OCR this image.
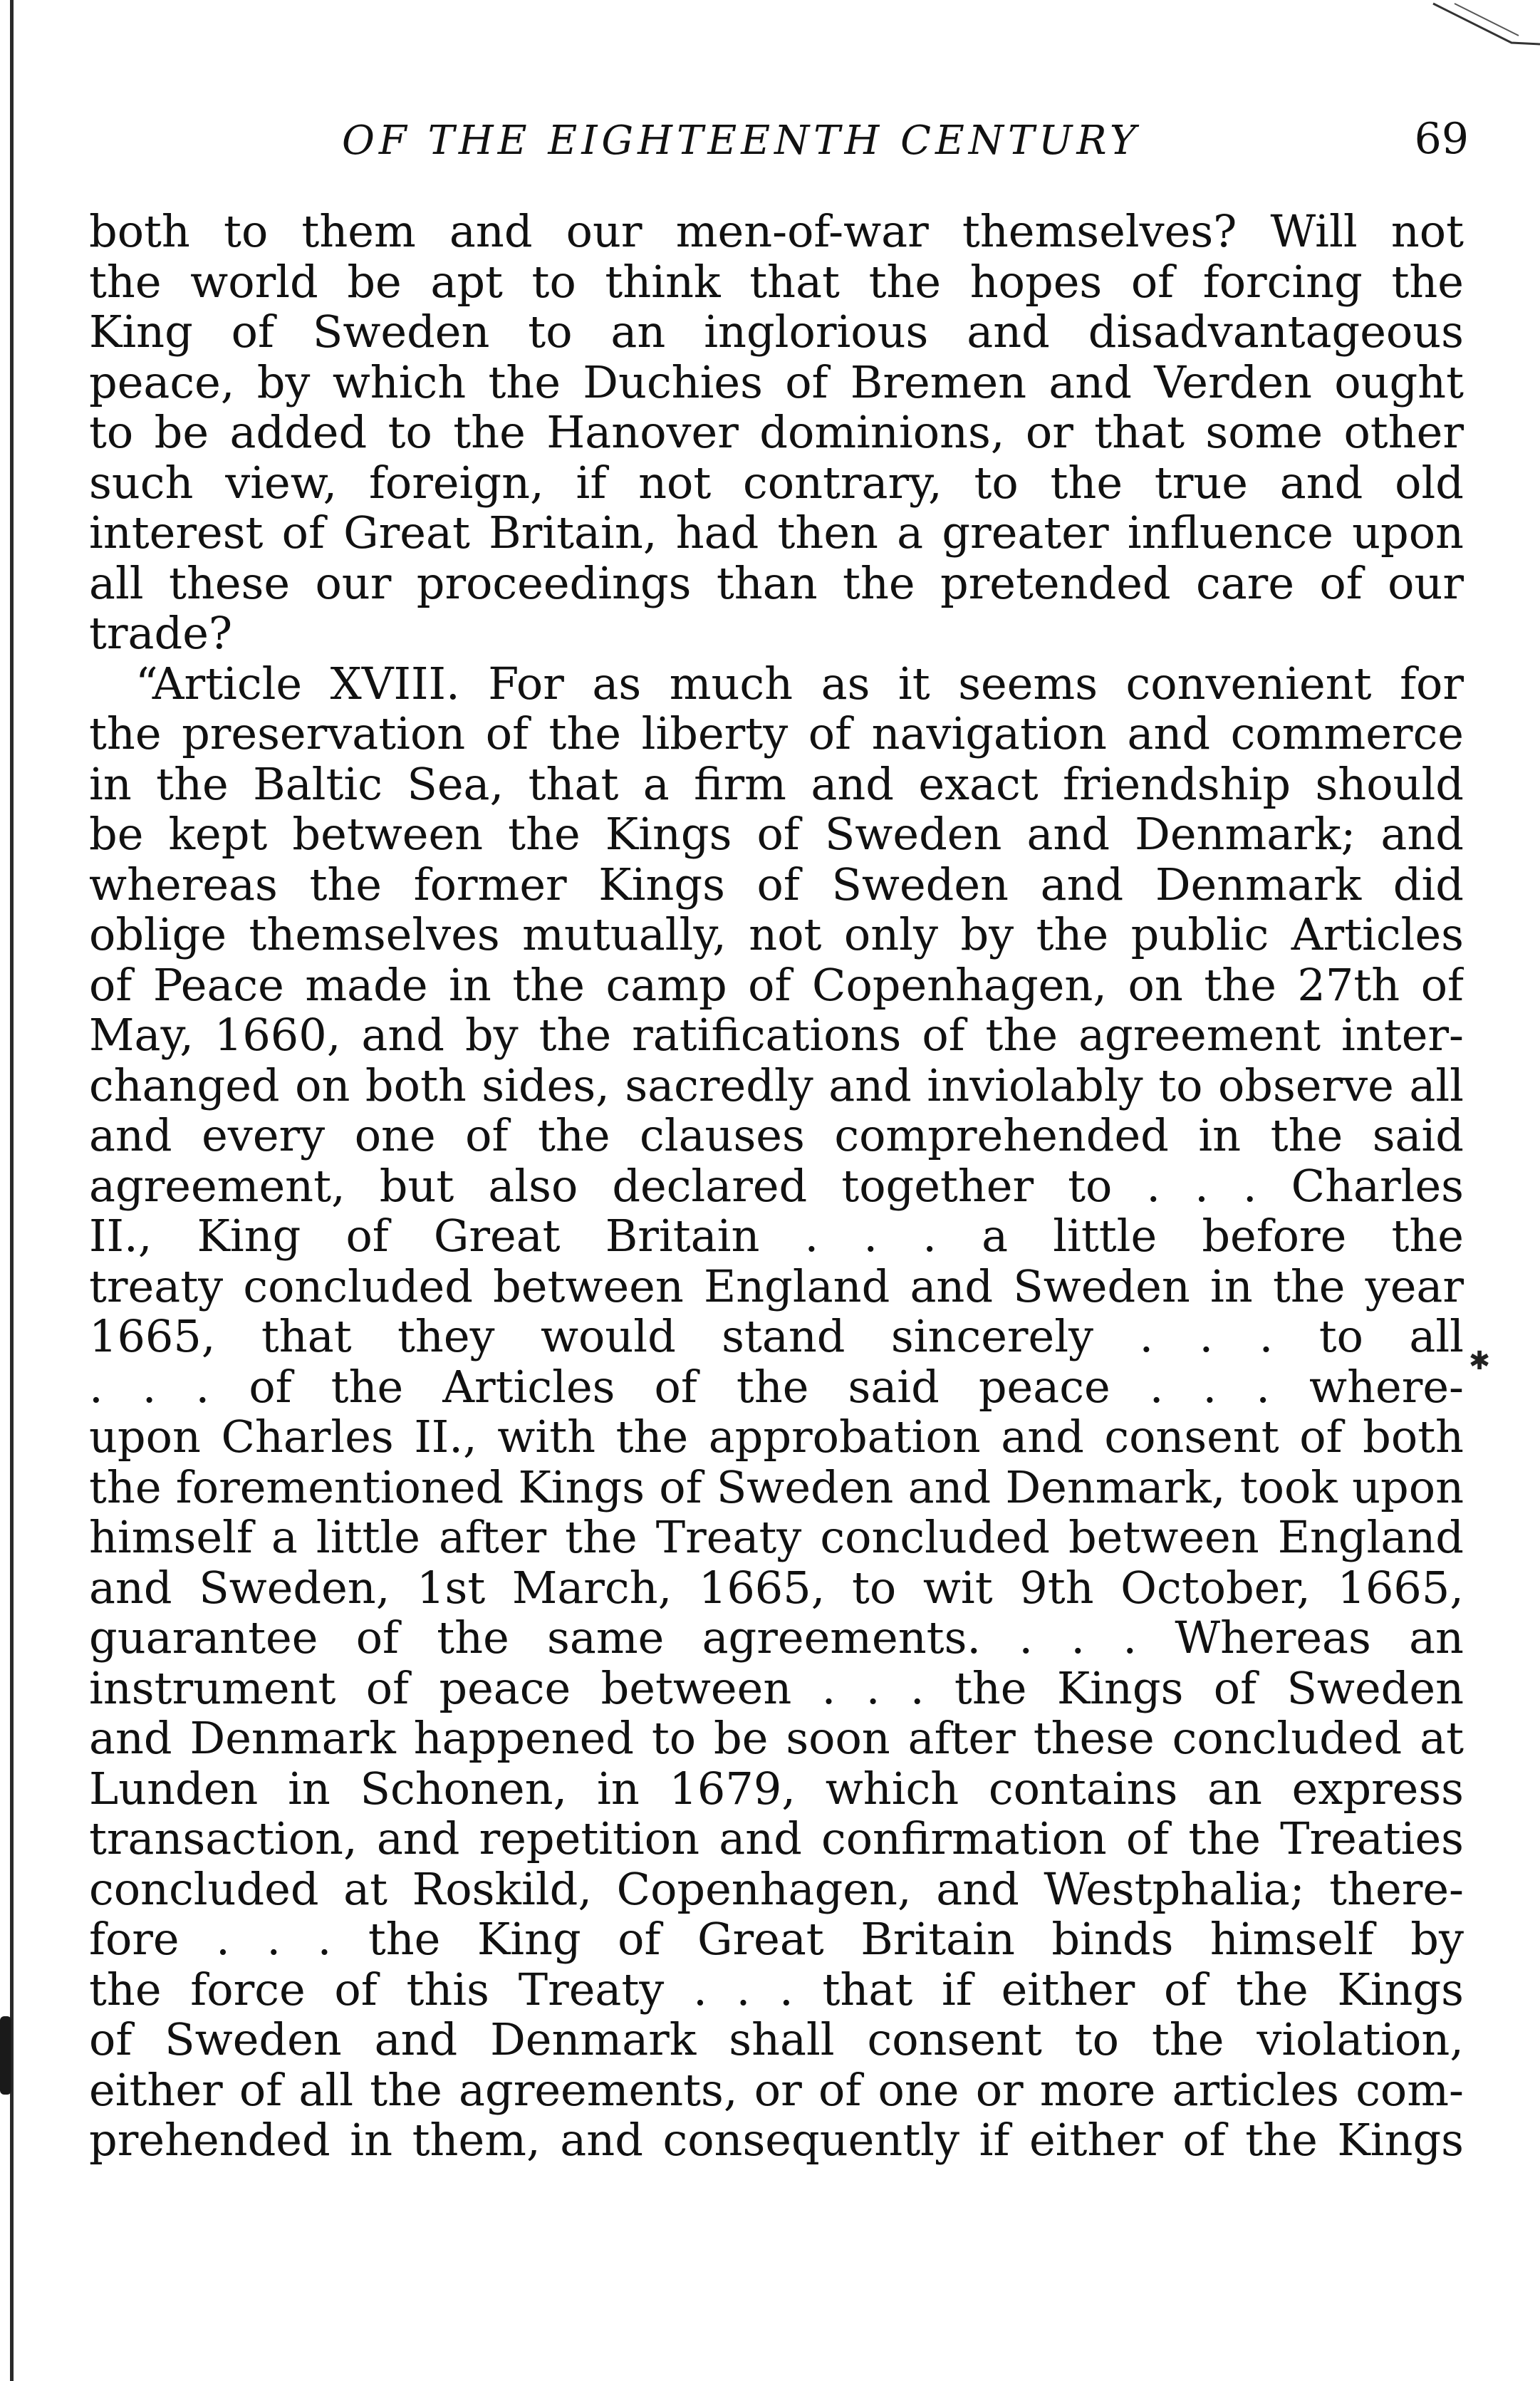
OF THE EIGHTEENTH CENTURY	69
both to them and our men-of-war themselves? Will not
the world be apt to think that the hopes of forcing the
King of Sweden to an inglorious and disadvantageous
peace, by which the Duchies of Bremen and Verden ought
to be added to the Hanover dominions, or that some other
such view, foreign, if not contrary, to the true and old
interest of Great Britain, had then a greater influence upon
all these our proceedings than the pretended care of our
trade?
“Article XVIII. For as much as it seems convenient for
the preservation of the liberty of navigation and commerce
in the Baltic Sea, that a firm and exact friendship should
be kept between the Kings of Sweden and Denmark; and
whereas the former Kings of Sweden and Denmark did
oblige themselves mutually, not only by the public Articles
of Peace made in the camp of Copenhagen, on the 27th of
May, 1660, and by the ratifications of the agreement inter-
changed on both sides, sacredly and inviolably to observe all
and every one of the clauses comprehended in the said
agreement, but also declared together to . . . Charles
II., King of Great Britain . . . a little before the
treaty concluded between England and Sweden in the year
1665, that they would stand sincerely . . . to all
. . . of the Articles of the said peace . . . where-
upon Charles II., with the approbation and consent of both
the forementioned Kings of Sweden and Denmark, took upon
himself a little after the Treaty concluded between England
and Sweden, 1st March, 1665, to wit 9th October, 1665,
guarantee of the same agreements. . . . Whereas an
instrument of peace between . . . the Kings of Sweden
and Denmark happened to be soon after these concluded at
Lunden in Schonen, in 1679, which contains an express
transaction, and repetition and confirmation of the Treaties
concluded at Roskild, Copenhagen, and Westphalia; there-
fore . . . the King of Great Britain binds himself by
the force of this Treaty . . . that if either of the Kings
of Sweden and Denmark shall consent to the violation,
either of all the agreements, or of one or more articles com-
prehended in them, and consequently if either of the Kings
✱
